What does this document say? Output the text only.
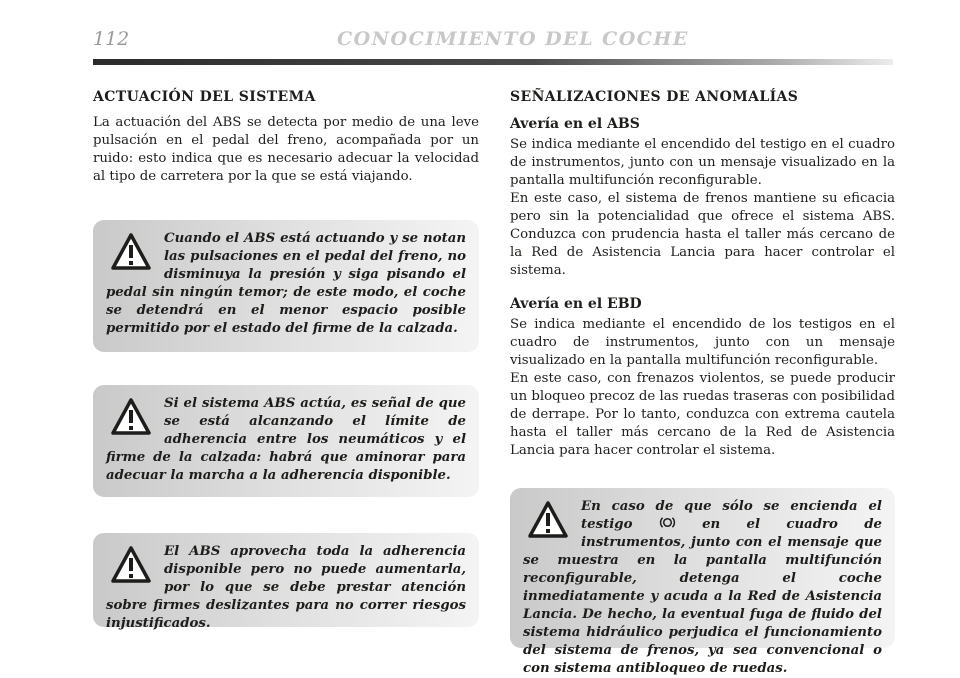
112	CONOCIMIENTO DEL COCHE
ACTUACIÓN DEL SISTEMA

La actuación del ABS se detecta por medio de una leve pulsación en el pedal del freno, acompañada por un ruido: esto indica que es necesario adecuar la velocidad al tipo de carretera por la que se está viajando.

Cuando el ABS está actuando y se notan las pulsaciones en el pedal del freno, no disminuya la presión y siga pisando el pedal sin ningún temor; de este modo, el coche se detendrá en el menor espacio posible permitido por el estado del firme de la calzada.

Si el sistema ABS actúa, es señal de que se está alcanzando el límite de adherencia entre los neumáticos y el firme de la calzada: habrá que aminorar para adecuar la marcha a la adherencia disponible.

El ABS aprovecha toda la adherencia disponible pero no puede aumentarla, por lo que se debe prestar atención sobre firmes deslizantes para no correr riesgos injustificados.

SEÑALIZACIONES DE ANOMALÍAS
Avería en el ABS

Se indica mediante el encendido del testigo en el cuadro de instrumentos, junto con un mensaje visualizado en la pantalla multifunción reconfigurable.

En este caso, el sistema de frenos mantiene su eficacia pero sin la potencialidad que ofrece el sistema ABS. Conduzca con prudencia hasta el taller más cercano de la Red de Asistencia Lancia para hacer controlar el sistema.

Avería en el EBD

Se indica mediante el encendido de los testigos en el cuadro de instrumentos, junto con un mensaje visualizado en la pantalla multifunción reconfigurable.

En este caso, con frenazos violentos, se puede producir un bloqueo precoz de las ruedas traseras con posibilidad de derrape. Por lo tanto, conduzca con extrema cautela hasta el taller más cercano de la Red de Asistencia Lancia para hacer controlar el sistema.

En caso de que sólo se encienda el testigo  en el cuadro de instrumentos, junto con el mensaje que se muestra en la pantalla multifunción reconfigurable, detenga el coche inmediatamente y acuda a la Red de Asistencia Lancia. De hecho, la eventual fuga de fluido del sistema hidráulico perjudica el funcionamiento del sistema de frenos, ya sea convencional o con sistema antibloqueo de ruedas.
